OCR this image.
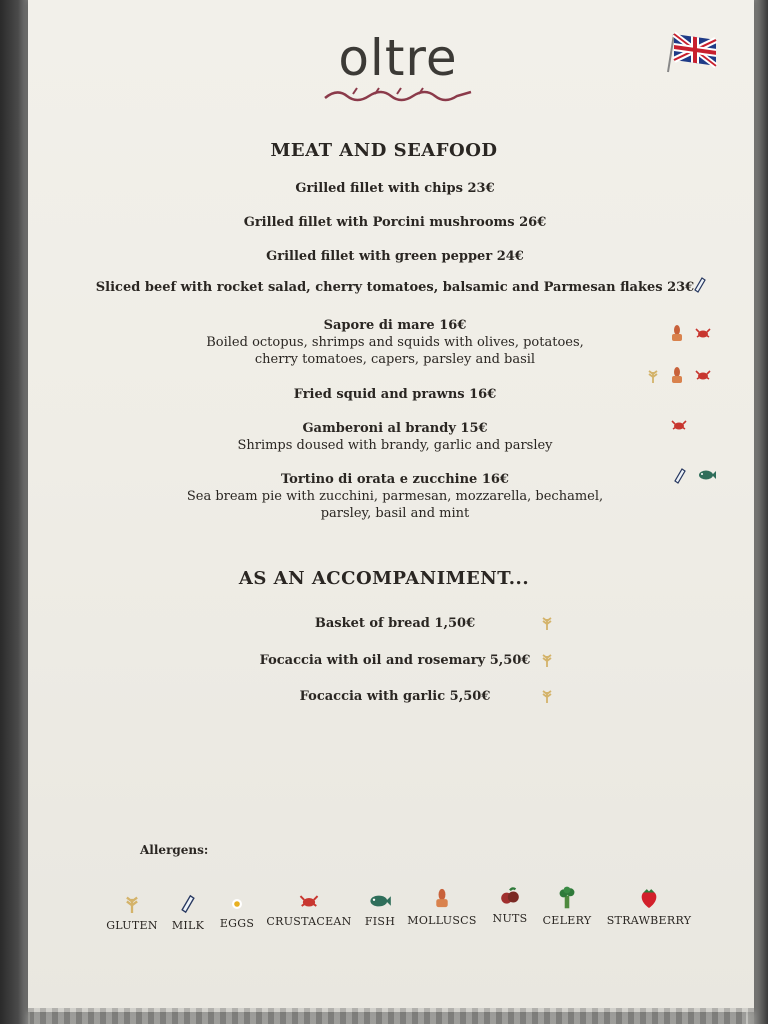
oltre
MEAT AND SEAFOOD
AS AN ACCOMPANIMENT...
Grilled fillet with chips 23€
Grilled fillet with Porcini mushrooms 26€
Grilled fillet with green pepper 24€
Sliced beef with rocket salad, cherry tomatoes, balsamic and Parmesan flakes 23€
Sapore di mare 16€
Boiled octopus, shrimps and squids with olives, potatoes,
cherry tomatoes, capers, parsley and basil
Fried squid and prawns 16€
Gamberoni al brandy 15€
Shrimps doused with brandy, garlic and parsley
Tortino di orata e zucchine 16€
Sea bream pie with zucchini, parmesan, mozzarella, bechamel,
parsley, basil and mint
Basket of bread 1,50€
Focaccia with oil and rosemary 5,50€
Focaccia with garlic 5,50€
Allergens:
GLUTEN	MILK	EGGS	CRUSTACEAN	FISH	MOLLUSCS	NUTS	CELERY STRAWBERRY
